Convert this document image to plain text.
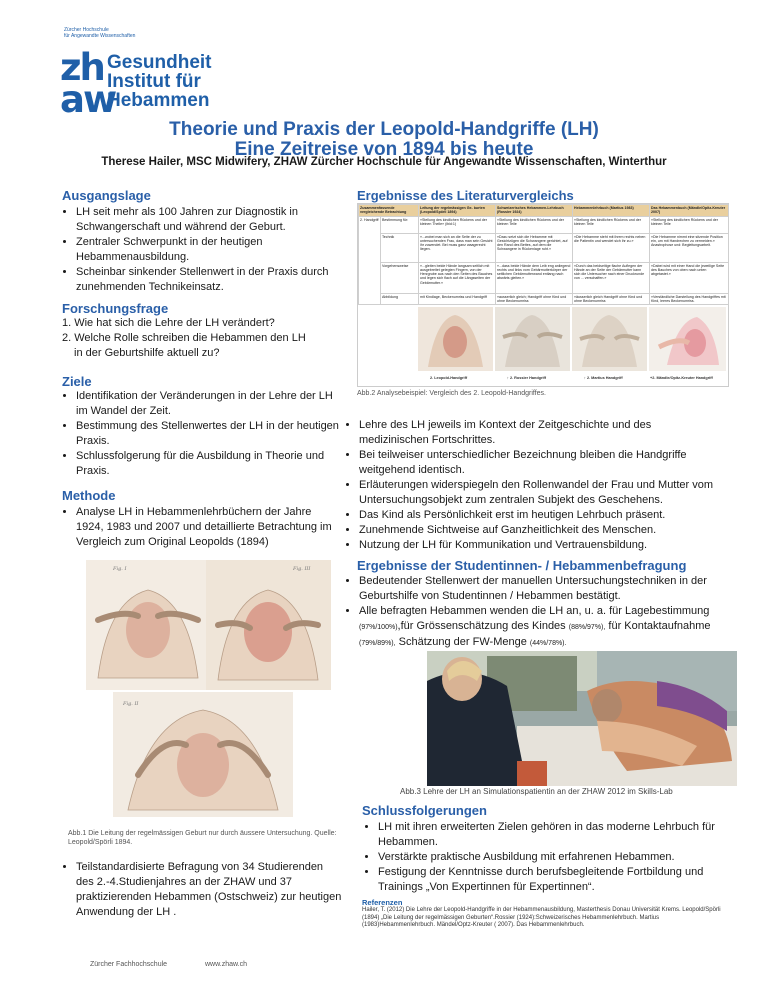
Zürcher Hochschule
für Angewandte Wissenschaften
zh
aw
Gesundheit
Institut für
Hebammen
Theorie und Praxis der Leopold-Handgriffe (LH)
Eine Zeitreise von 1894 bis heute
Therese Hailer, MSC Midwifery, ZHAW Zürcher Hochschule für Angewandte Wissenschaften, Winterthur
Ausgangslage
• LH seit mehr als 100 Jahren zur Diagnostik in Schwangerschaft und während der Geburt.
• Zentraler Schwerpunkt in der heutigen Hebammenausbildung.
• Scheinbar sinkender Stellenwert in der Praxis durch zunehmenden Technikeinsatz.
Forschungsfrage
1. Wie hat sich die Lehre der LH verändert?
2. Welche Rolle schreiben die Hebammen den LH
in der Geburtshilfe aktuell zu?
Ziele
• Identifikation der Veränderungen in der Lehre der LH im Wandel der Zeit.
• Bestimmung des Stellenwertes der LH in der heutigen Praxis.
• Schlussfolgerung für die Ausbildung in Theorie und Praxis.
Methode
• Analyse LH in Hebammenlehrbüchern der Jahre 1924, 1983 und 2007 und detaillierte Betrachtung im Vergleich zum Original Leopolds (1894)
Fig. I	Fig. III
Fig. II
Abb.1 Die Leitung der regelmässigen Geburt nur durch äussere Untersuchung. Quelle: Leopold/Spörli 1894.
• Teilstandardisierte Befragung von 34 Studierenden des 2.-4.Studienjahres an der ZHAW und 37 praktizierenden Hebammen (Ostschweiz) zur heutigen Anwendung der LH .
Zürcher Fachhochschule	www.zhaw.ch
Ergebnisse des Literaturvergleichs
Zusammenfassende vergleichende Betrachtung		Leitung der regelmässigen Ge- burten (Leopold/Spörli 1894)	Schweizerisches Hebammen-Lehrbuch (Rossier 1924)	Hebammenlehrbuch (Martius 1983)	Das Hebammenbuch (Mändle/Opitz-Kreuter 2007)
2. Handgriff	Bestimmung für:	«Stellung des kindlichen Rückens und der kleinen Theile» (ibid:1)	«Stellung des kindlichen Rückens und der kleinen Teile	«Stellung des kindlichen Rückens und der kleinen Teile	«Stellung des kindlichen Rückens und der kleinen Teile
	Technik	«...wobei man sich an die Seite der zu untersuchenden Frau, dass man sein Gesicht ihr zuwendet. Bei muss ganz waagerecht liegen.	«Dazu setzt sich die Hebamme mit Gesichtzügen die Schwangere gerichtet, auf den Rand des Bettes, auf dem die Schwangere in Rückenlage ruht.»	«Die Hebamme steht mit ihrem rechts neben die Patientin und wendet sich ihr zu.»	«Die Hebamme nimmt eine sitzende Position ein, um mit Handrechen zu vermeiden.» Anastrophose und: Begleitungsarbeit.
	Vorgehensweise	«...gleiten beide Hände langsam seitlich mit ausgebreitet gelegten Fingern, von der Herzgrube aus nach den Seiten des Bauches und legen sich flach auf die Längsseiten der Gebärmutter.»	«...dass beide Hände dem Leib eng anliegend rechts und links vom Gebärmutterkörper der seitlichen Gebärmutterwand entlang nach abwärts gleiten.»	«Durch das beidseitige flache Auflegen der Hände an der Seite der Gebärmutter kann sich die Untersucher nach einer Druckrunde von ... verschaffen.»	«Dabei wird mit einer Hand die jeweilige Seite des Bauches von oben nach unten abgetastet.»
	Abbildung	mit Kindlage, Beckenumriss und Handgriff	«ausserlich gleich; Handgriff ohne Kind und ohne Beckenumriss	«äusserlich gleich Handgriff ohne Kind und ohne Beckenumriss	«Verständliche Darstellung des Handgriffes mit Kind, leeres Beckenumriss.
2. Leopold-Handgriff	↑ 2. Rossier Handgriff	↑ 2. Martius Handgriff	+2. Mändle/Opitz-Kreuter Handgriff
Abb.2 Analysebeispiel: Vergleich des 2. Leopold-Handgriffes.
• Lehre des LH jeweils im Kontext der Zeitgeschichte und des medizinischen Fortschrittes.
• Bei teilweiser unterschiedlicher Bezeichnung bleiben die Handgriffe weitgehend identisch.
• Erläuterungen widerspiegeln den Rollenwandel der Frau und Mutter vom Untersuchungsobjekt zum zentralen Subjekt des Geschehens.
• Das Kind als Persönlichkeit erst im heutigen Lehrbuch präsent.
• Zunehmende Sichtweise auf Ganzheitlichkeit des Menschen.
• Nutzung der LH für Kommunikation und Vertrauensbildung.
Ergebnisse der Studentinnen- / Hebammenbefragung
• Bedeutender Stellenwert der manuellen Untersuchungstechniken in der Geburtshilfe von Studentinnen / Hebammen bestätigt.
• Alle befragten Hebammen wenden die LH an, u. a. für Lagebestimmung (97%/100%),für Grössenschätzung des Kindes (88%/97%), für Kontaktaufnahme (79%/89%), Schätzung der FW-Menge (44%/78%).
Abb.3 Lehre der LH an Simulationspatientin an der ZHAW 2012 im Skills-Lab
Schlussfolgerungen
• LH mit ihren erweiterten Zielen gehören in das moderne Lehrbuch für Hebammen.
• Verstärkte praktische Ausbildung mit erfahrenen Hebammen.
• Festigung der Kenntnisse durch berufsbegleitende Fortbildung und Trainings „Von Expertinnen für Expertinnen“.
Referenzen
Hailer, T. (2012) Die Lehre der Leopold-Handgriffe in der Hebammenausbildung, Masterthesis Donau Universität Krems. Leopold/Spörli (1894) „Die Leitung der regelmässigen Geburten“.Rossier (1924):Schweizerisches Hebammenlehrbuch. Martius (1983)Hebammenlehrbuch. Mändel/Optz-Kreuter ( 2007). Das Hebammenlehrbuch.
